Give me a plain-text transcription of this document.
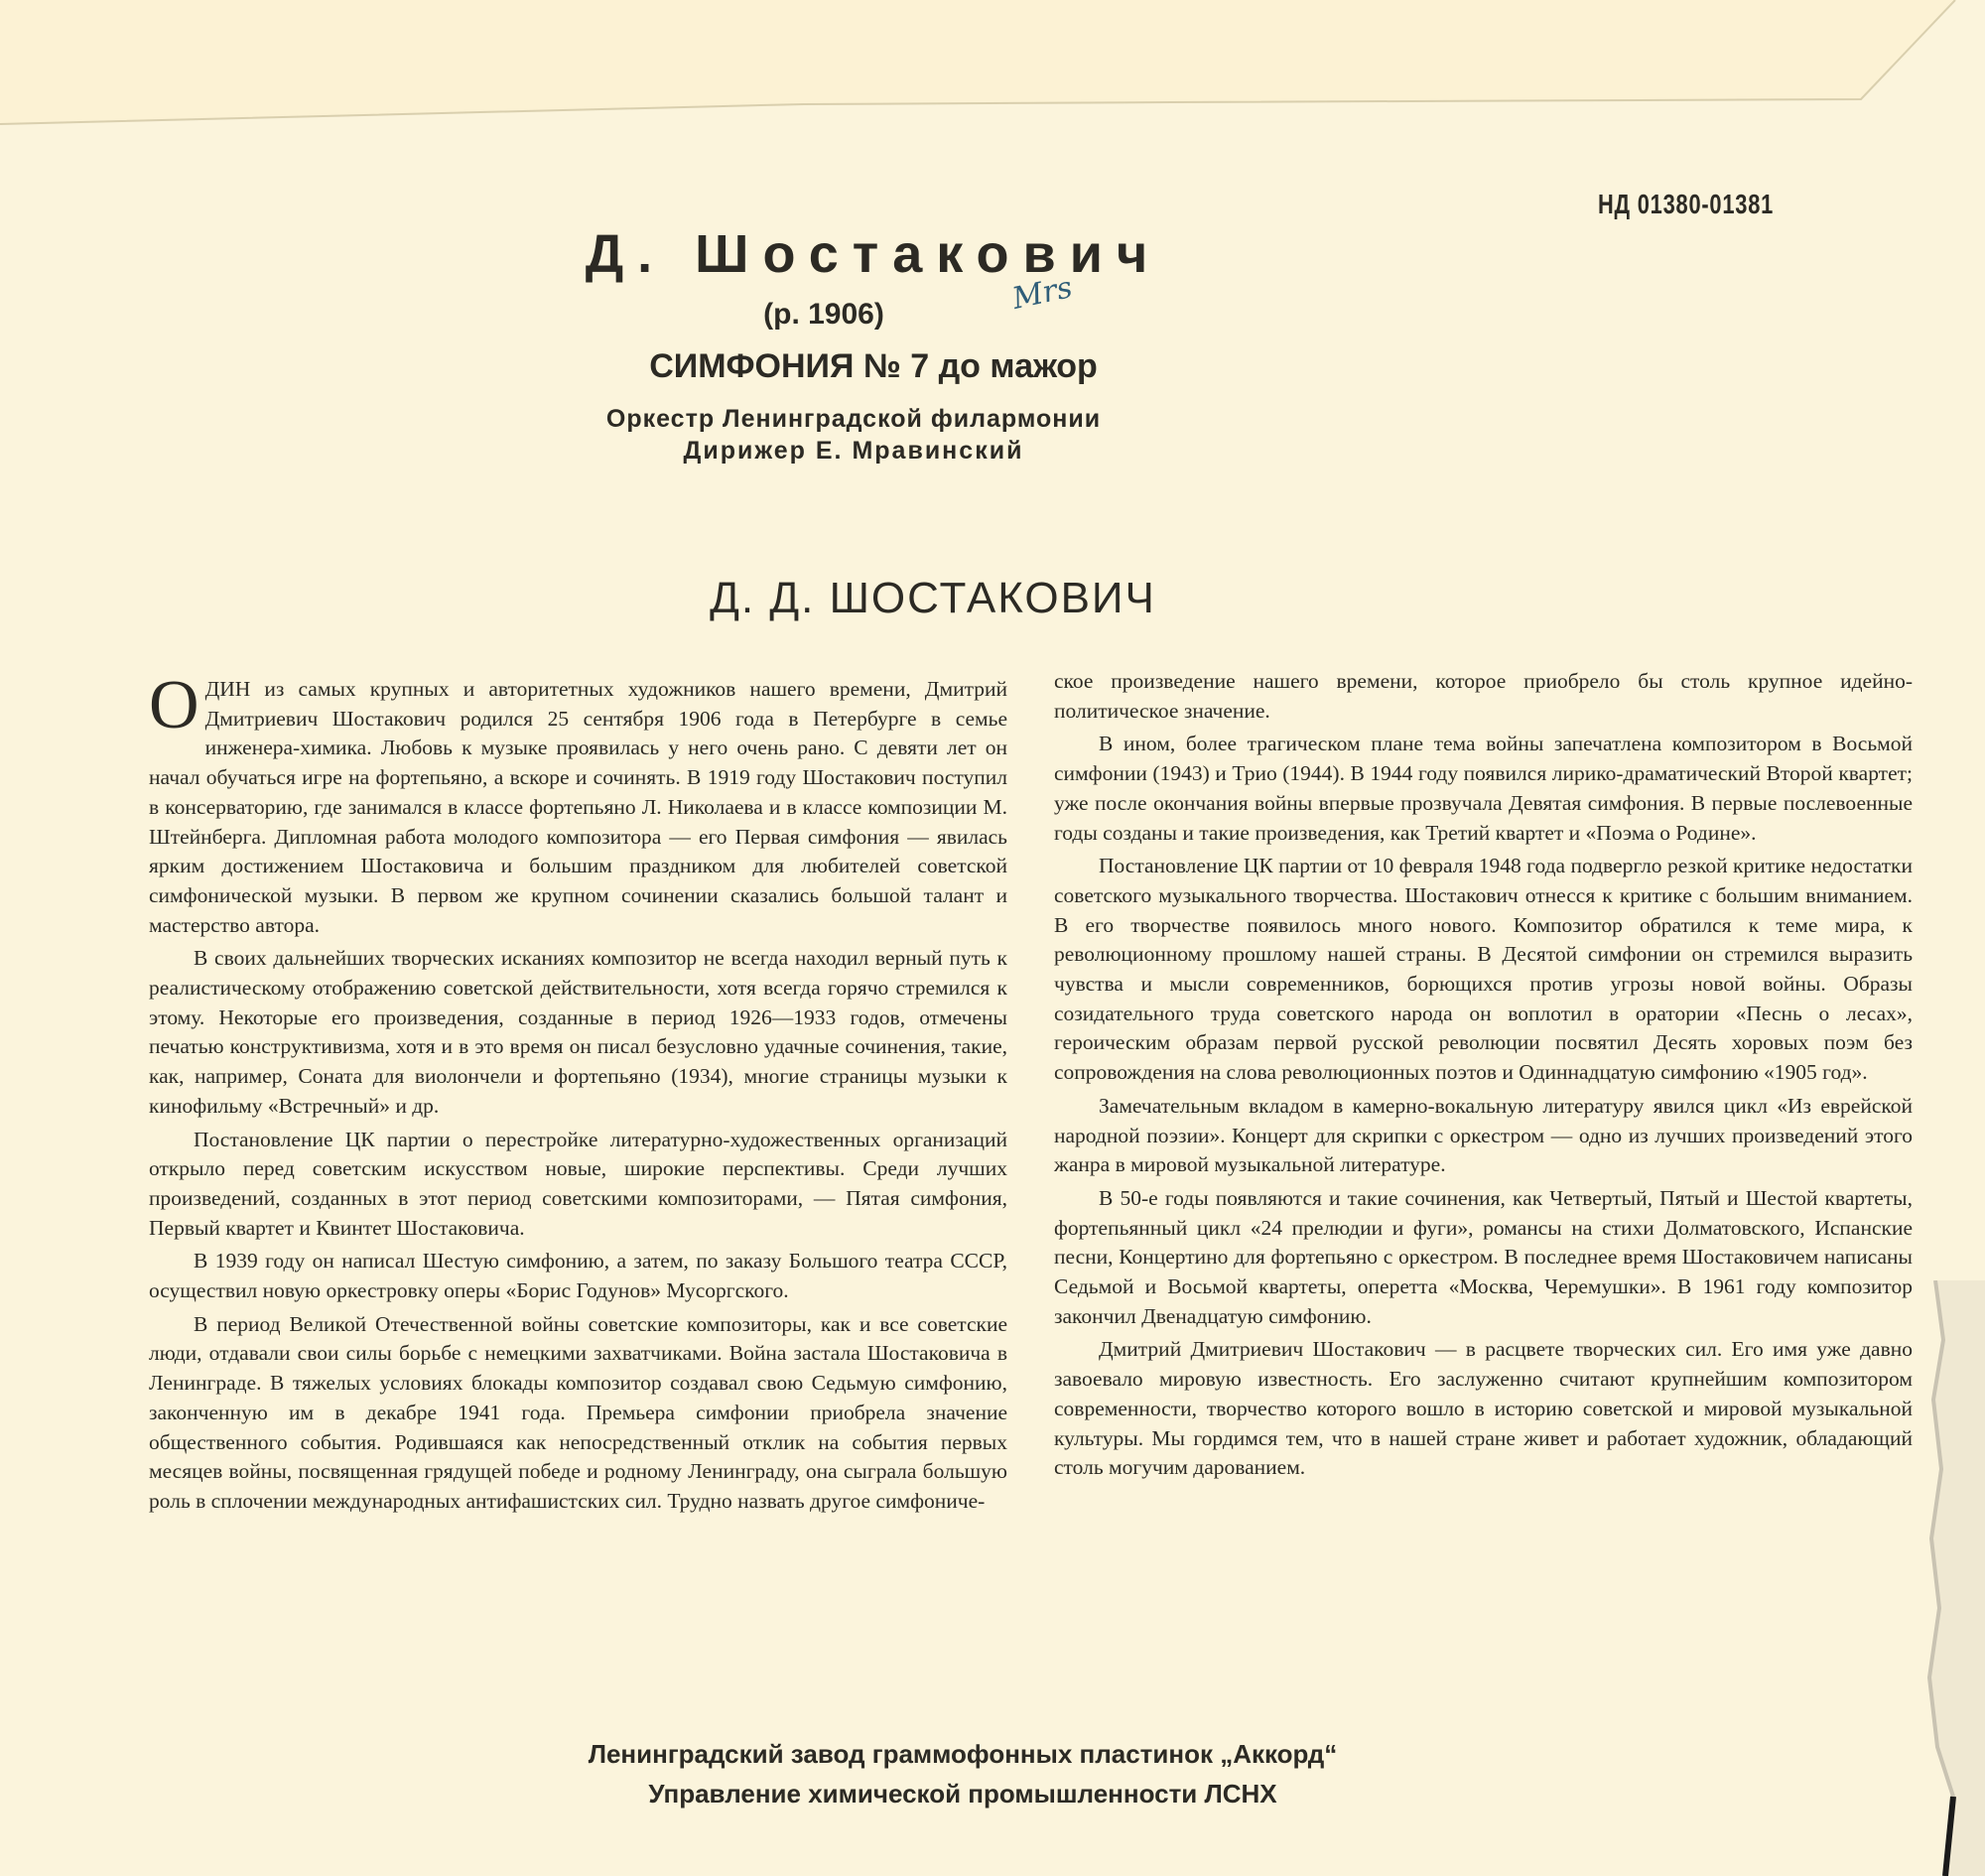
НД 01380-01381
Д. Шостакович
(р. 1906)
СИМФОНИЯ № 7 до мажор
Оркестр Ленинградской филармонии
Дирижер Е. Мравинский
Mrs
Д. Д. ШОСТАКОВИЧ

ОДИН из самых крупных и авторитетных художников нашего времени, Дмитрий Дмитриевич Шостакович родился 25 сентября 1906 года в Петербурге в семье инженера-химика. Любовь к музыке проявилась у него очень рано. С девяти лет он начал обучаться игре на фортепьяно, а вскоре и сочинять. В 1919 году Шостакович поступил в консерваторию, где занимался в классе фортепьяно Л. Николаева и в классе композиции М. Штейнберга. Дипломная работа молодого композитора — его Первая симфония — явилась ярким достижением Шостаковича и большим праздником для любителей советской симфонической музыки. В первом же крупном сочинении сказались большой талант и мастерство автора.

В своих дальнейших творческих исканиях композитор не всегда находил верный путь к реалистическому отображению советской действительности, хотя всегда горячо стремился к этому. Некоторые его произведения, созданные в период 1926—1933 годов, отмечены печатью конструктивизма, хотя и в это время он писал безусловно удачные сочинения, такие, как, например, Соната для виолончели и фортепьяно (1934), многие страницы музыки к кинофильму «Встречный» и др.

Постановление ЦК партии о перестройке литературно-художественных организаций открыло перед советским искусством новые, широкие перспективы. Среди лучших произведений, созданных в этот период советскими композиторами, — Пятая симфония, Первый квартет и Квинтет Шостаковича.

В 1939 году он написал Шестую симфонию, а затем, по заказу Большого театра СССР, осуществил новую оркестровку оперы «Борис Годунов» Мусоргского.

В период Великой Отечественной войны советские композиторы, как и все советские люди, отдавали свои силы борьбе с немецкими захватчиками. Война застала Шостаковича в Ленинграде. В тяжелых условиях блокады композитор создавал свою Седьмую симфонию, законченную им в декабре 1941 года. Премьера симфонии приобрела значение общественного события. Родившаяся как непосредственный отклик на события первых месяцев войны, посвященная грядущей победе и родному Ленинграду, она сыграла большую роль в сплочении международных антифашистских сил. Трудно назвать другое симфониче-

ское произведение нашего времени, которое приобрело бы столь крупное идейно-политическое значение.

В ином, более трагическом плане тема войны запечатлена композитором в Восьмой симфонии (1943) и Трио (1944). В 1944 году появился лирико-драматический Второй квартет; уже после окончания войны впервые прозвучала Девятая симфония. В первые послевоенные годы созданы и такие произведения, как Третий квартет и «Поэма о Родине».

Постановление ЦК партии от 10 февраля 1948 года подвергло резкой критике недостатки советского музыкального творчества. Шостакович отнесся к критике с большим вниманием. В его творчестве появилось много нового. Композитор обратился к теме мира, к революционному прошлому нашей страны. В Десятой симфонии он стремился выразить чувства и мысли современников, борющихся против угрозы новой войны. Образы созидательного труда советского народа он воплотил в оратории «Песнь о лесах», героическим образам первой русской революции посвятил Десять хоровых поэм без сопровождения на слова революционных поэтов и Одиннадцатую симфонию «1905 год».

Замечательным вкладом в камерно-вокальную литературу явился цикл «Из еврейской народной поэзии». Концерт для скрипки с оркестром — одно из лучших произведений этого жанра в мировой музыкальной литературе.

В 50-е годы появляются и такие сочинения, как Четвертый, Пятый и Шестой квартеты, фортепьянный цикл «24 прелюдии и фуги», романсы на стихи Долматовского, Испанские песни, Концертино для фортепьяно с оркестром. В последнее время Шостаковичем написаны Седьмой и Восьмой квартеты, оперетта «Москва, Черемушки». В 1961 году композитор закончил Двенадцатую симфонию.

Дмитрий Дмитриевич Шостакович — в расцвете творческих сил. Его имя уже давно завоевало мировую известность. Его заслуженно считают крупнейшим композитором современности, творчество которого вошло в историю советской и мировой музыкальной культуры. Мы гордимся тем, что в нашей стране живет и работает художник, обладающий столь могучим дарованием.

Ленинградский завод граммофонных пластинок „Аккорд“
Управление химической промышленности ЛСНХ
